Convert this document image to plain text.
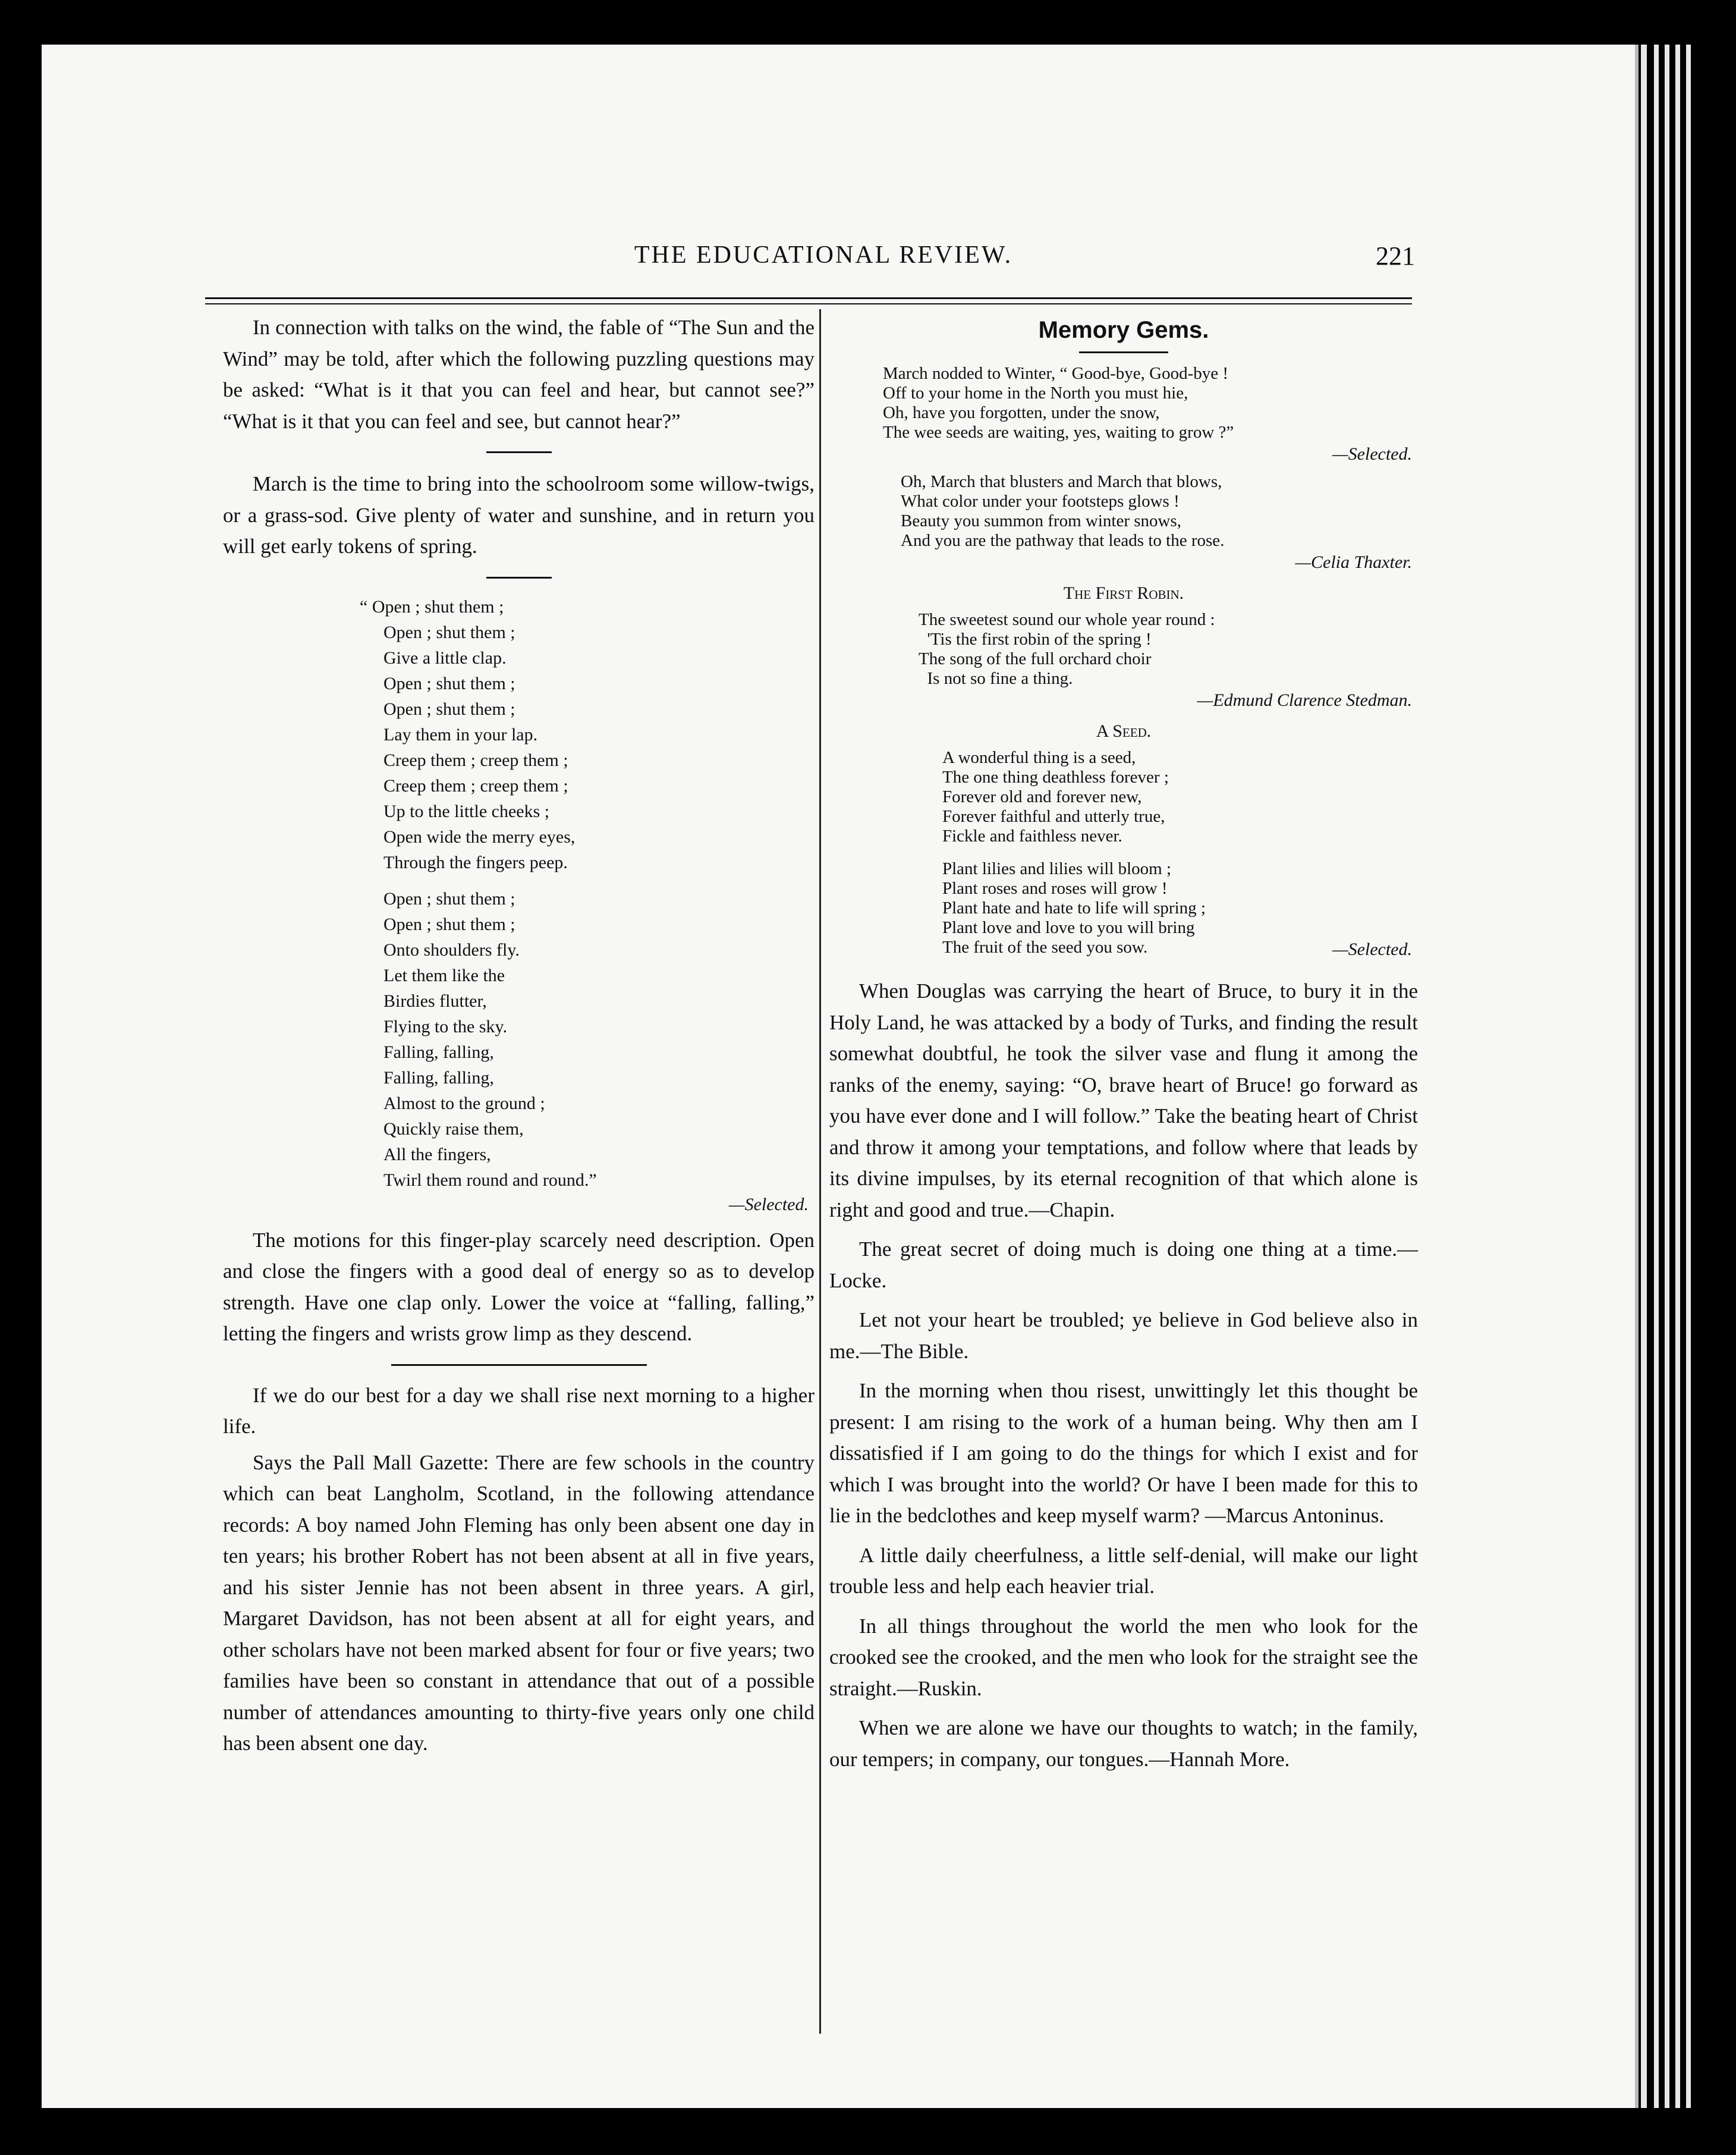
THE EDUCATIONAL REVIEW.	221

In connection with talks on the wind, the fable of “The Sun and the Wind” may be told, after which the following puzzling questions may be asked: “What is it that you can feel and hear, but cannot see?” “What is it that you can feel and see, but cannot hear?”

March is the time to bring into the schoolroom some willow-twigs, or a grass-sod. Give plenty of water and sunshine, and in return you will get early tokens of spring.

“ Open ; shut them ;
Open ; shut them ;
Give a little clap.
Open ; shut them ;
Open ; shut them ;
Lay them in your lap.
Creep them ; creep them ;
Creep them ; creep them ;
Up to the little cheeks ;
Open wide the merry eyes,
Through the fingers peep.
Open ; shut them ;
Open ; shut them ;
Onto shoulders fly.
Let them like the
Birdies flutter,
Flying to the sky.
Falling, falling,
Falling, falling,
Almost to the ground ;
Quickly raise them,
All the fingers,
Twirl them round and round.”
—Selected.

The motions for this finger-play scarcely need description. Open and close the fingers with a good deal of energy so as to develop strength. Have one clap only. Lower the voice at “falling, falling,” letting the fingers and wrists grow limp as they descend.

If we do our best for a day we shall rise next morning to a higher life.

Says the Pall Mall Gazette: There are few schools in the country which can beat Langholm, Scotland, in the following attendance records: A boy named John Fleming has only been absent one day in ten years; his brother Robert has not been absent at all in five years, and his sister Jennie has not been absent in three years. A girl, Margaret Davidson, has not been absent at all for eight years, and other scholars have not been marked absent for four or five years; two families have been so constant in attendance that out of a possible number of attendances amounting to thirty-five years only one child has been absent one day.

Memory Gems.
March nodded to Winter, “ Good-bye, Good-bye !
Off to your home in the North you must hie,
Oh, have you forgotten, under the snow,
The wee seeds are waiting, yes, waiting to grow ?”
—Selected.
Oh, March that blusters and March that blows,
What color under your footsteps glows !
Beauty you summon from winter snows,
And you are the pathway that leads to the rose.
—Celia Thaxter.
The First Robin.
The sweetest sound our whole year round :
'Tis the first robin of the spring !
The song of the full orchard choir
Is not so fine a thing.
—Edmund Clarence Stedman.
A Seed.
A wonderful thing is a seed,
The one thing deathless forever ;
Forever old and forever new,
Forever faithful and utterly true,
Fickle and faithless never.
Plant lilies and lilies will bloom ;
Plant roses and roses will grow !
Plant hate and hate to life will spring ;
Plant love and love to you will bring
The fruit of the seed you sow.	—Selected.

When Douglas was carrying the heart of Bruce, to bury it in the Holy Land, he was attacked by a body of Turks, and finding the result somewhat doubtful, he took the silver vase and flung it among the ranks of the enemy, saying: “O, brave heart of Bruce! go forward as you have ever done and I will follow.” Take the beating heart of Christ and throw it among your temptations, and follow where that leads by its divine impulses, by its eternal recognition of that which alone is right and good and true.—Chapin.

The great secret of doing much is doing one thing at a time.—Locke.

Let not your heart be troubled; ye believe in God believe also in me.—The Bible.

In the morning when thou risest, unwittingly let this thought be present: I am rising to the work of a human being. Why then am I dissatisfied if I am going to do the things for which I exist and for which I was brought into the world? Or have I been made for this to lie in the bedclothes and keep myself warm? —Marcus Antoninus.

A little daily cheerfulness, a little self-denial, will make our light trouble less and help each heavier trial.

In all things throughout the world the men who look for the crooked see the crooked, and the men who look for the straight see the straight.—Ruskin.

When we are alone we have our thoughts to watch; in the family, our tempers; in company, our tongues.—Hannah More.
